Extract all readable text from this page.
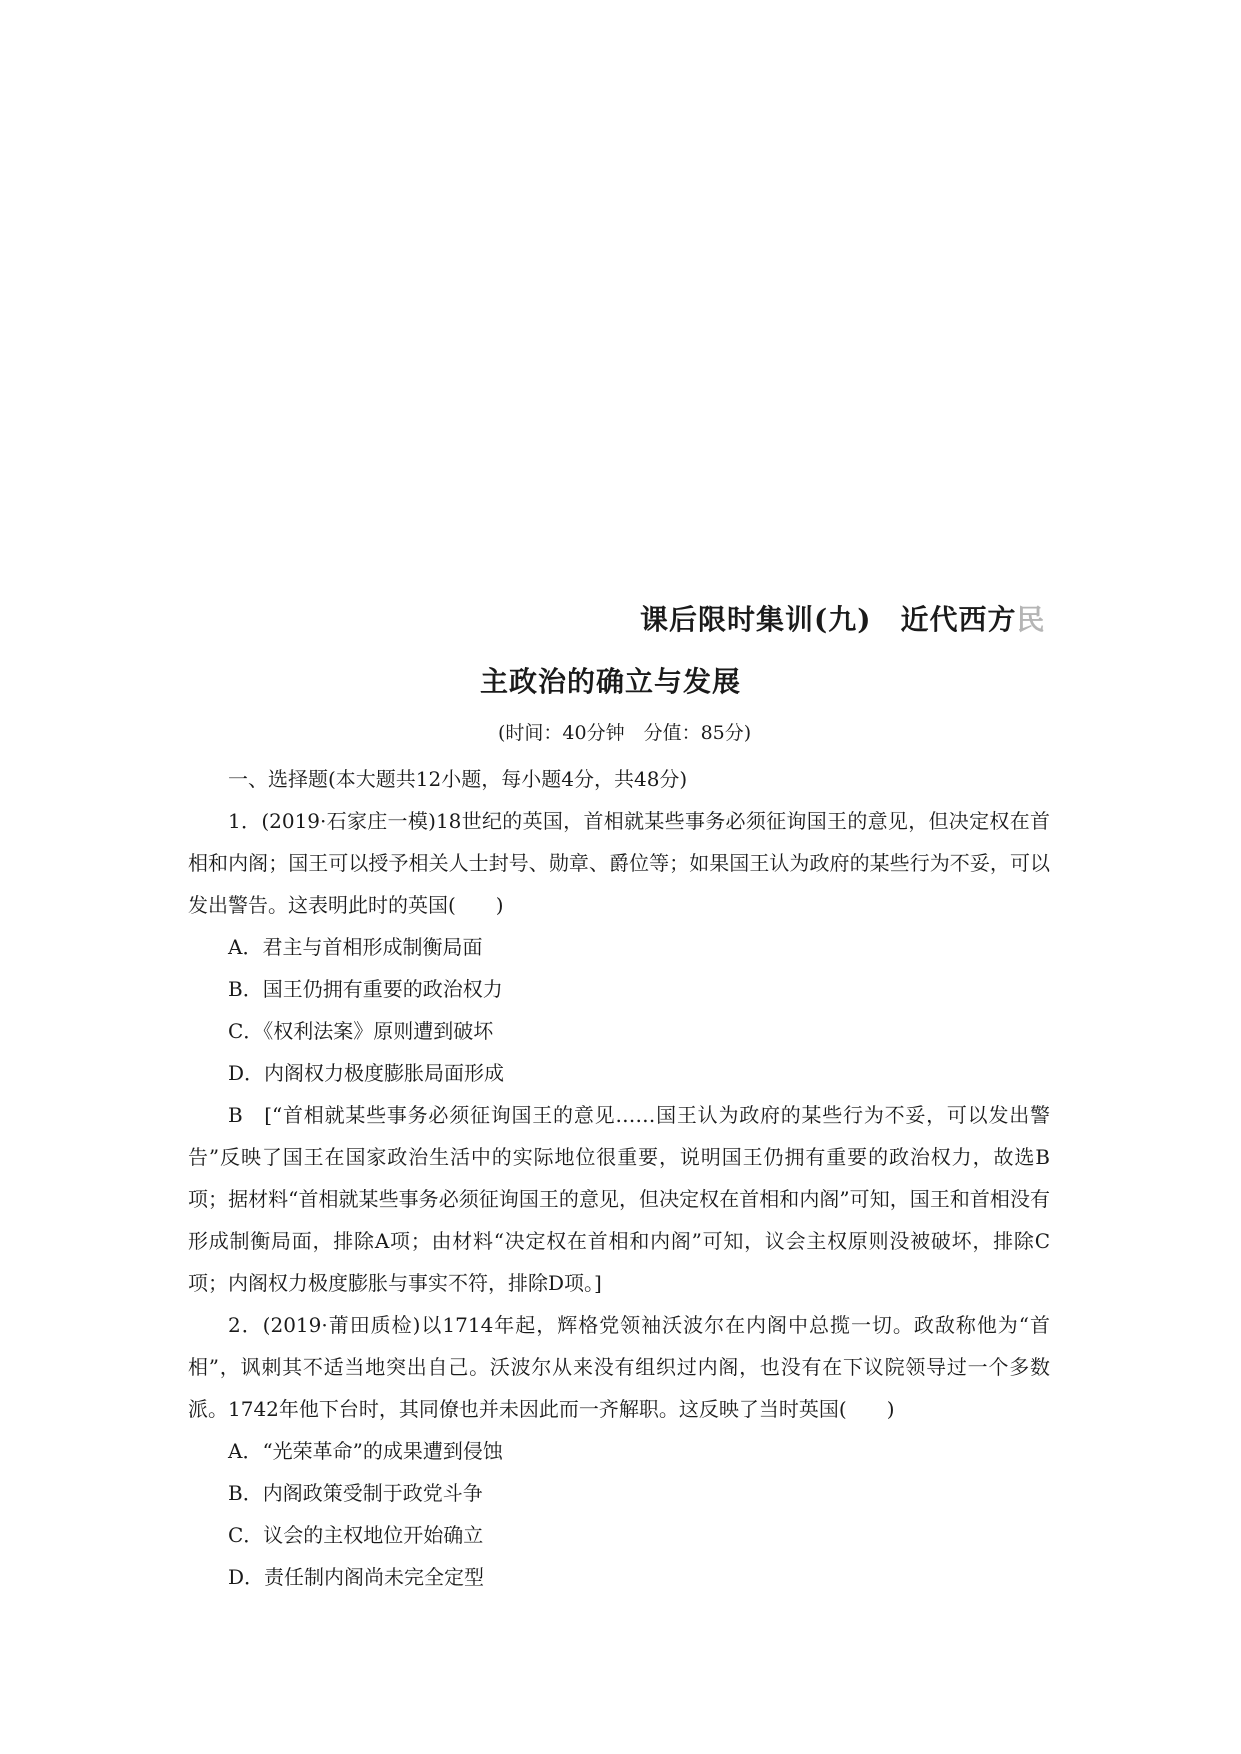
课后限时集训(九)　近代西方民
主政治的确立与发展
(时间：40分钟　分值：85分)

一、选择题(本大题共12小题，每小题4分，共48分)

1．(2019·石家庄一模)18世纪的英国，首相就某些事务必须征询国王的意见，但决定权在首相和内阁；国王可以授予相关人士封号、勋章、爵位等；如果国王认为政府的某些行为不妥，可以发出警告。这表明此时的英国(　　)

A．君主与首相形成制衡局面

B．国王仍拥有重要的政治权力

C．《权利法案》原则遭到破坏

D．内阁权力极度膨胀局面形成

B　[“首相就某些事务必须征询国王的意见……国王认为政府的某些行为不妥，可以发出警告”反映了国王在国家政治生活中的实际地位很重要，说明国王仍拥有重要的政治权力，故选B项；据材料“首相就某些事务必须征询国王的意见，但决定权在首相和内阁”可知，国王和首相没有形成制衡局面，排除A项；由材料“决定权在首相和内阁”可知，议会主权原则没被破坏，排除C项；内阁权力极度膨胀与事实不符，排除D项。]

2．(2019·莆田质检)以1714年起，辉格党领袖沃波尔在内阁中总揽一切。政敌称他为“首相”，讽刺其不适当地突出自己。沃波尔从来没有组织过内阁，也没有在下议院领导过一个多数派。1742年他下台时，其同僚也并未因此而一齐解职。这反映了当时英国(　　)

A．“光荣革命”的成果遭到侵蚀

B．内阁政策受制于政党斗争

C．议会的主权地位开始确立

D．责任制内阁尚未完全定型
